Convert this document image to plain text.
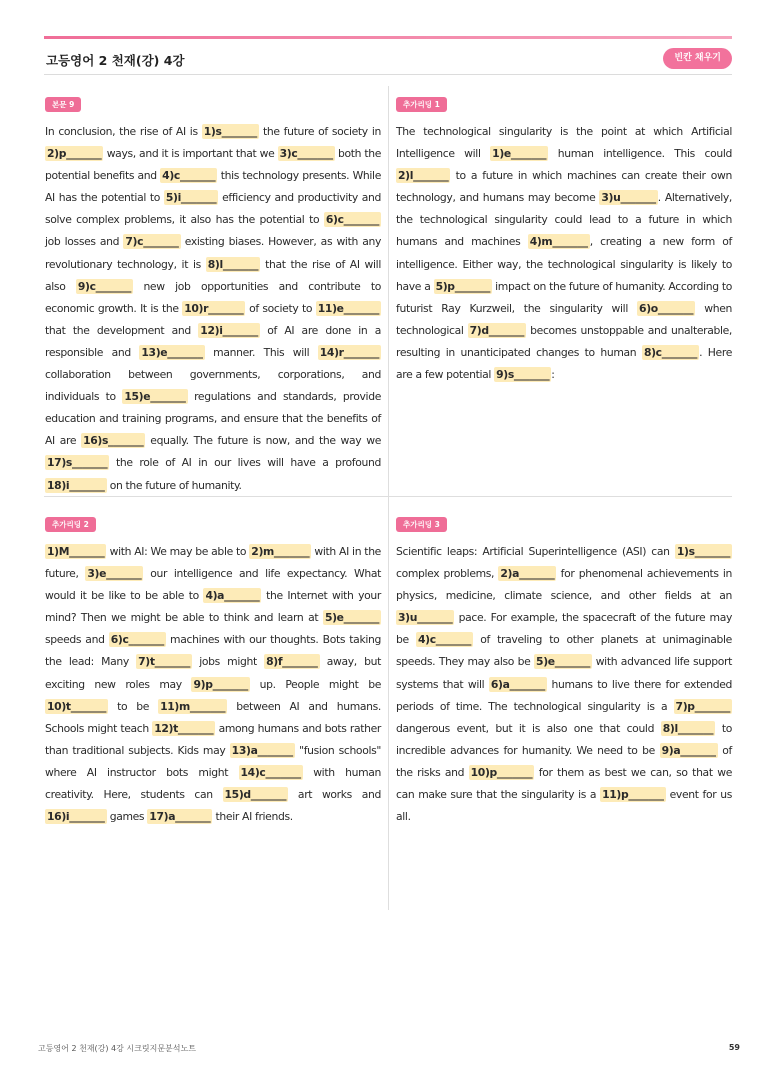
고등영어 2 천재(강) 4강	빈칸 채우기
본문 9
In conclusion, the rise of AI is 1)s_______ the future of society in 2)p_______ ways, and it is important that we 3)c_______ both the potential benefits and 4)c_______ this technology presents. While AI has the potential to 5)i_______ efficiency and productivity and solve complex problems, it also has the potential to 6)c_______ job losses and 7)c_______ existing biases. However, as with any revolutionary technology, it is 8)l_______ that the rise of AI will also 9)c_______ new job opportunities and contribute to economic growth. It is the 10)r_______ of society to 11)e_______ that the development and 12)i_______ of AI are done in a responsible and 13)e_______ manner. This will 14)r_______ collaboration between governments, corporations, and individuals to 15)e_______ regulations and standards, provide education and training programs, and ensure that the benefits of AI are 16)s_______ equally. The future is now, and the way we 17)s_______ the role of AI in our lives will have a profound 18)i_______ on the future of humanity.
추가리딩 1
The technological singularity is the point at which Artificial Intelligence will 1)e_______ human intelligence. This could 2)l_______ to a future in which machines can create their own technology, and humans may become 3)u_______ . Alternatively, the technological singularity could lead to a future in which humans and machines 4)m_______ , creating a new form of intelligence. Either way, the technological singularity is likely to have a 5)p_______ impact on the future of humanity. According to futurist Ray Kurzweil, the singularity will 6)o_______ when technological 7)d_______ becomes unstoppable and unalterable, resulting in unanticipated changes to human 8)c_______ . Here are a few potential 9)s_______ :
추가리딩 2
1)M_______ with AI: We may be able to 2)m_______ with AI in the future, 3)e_______ our intelligence and life expectancy. What would it be like to be able to 4)a_______ the Internet with your mind? Then we might be able to think and learn at 5)e_______ speeds and 6)c_______ machines with our thoughts. Bots taking the lead: Many 7)t_______ jobs might 8)f_______ away, but exciting new roles may 9)p_______ up. People might be 10)t_______ to be 11)m_______ between AI and humans. Schools might teach 12)t_______ among humans and bots rather than traditional subjects. Kids may 13)a_______ "fusion schools" where AI instructor bots might 14)c_______ with human creativity. Here, students can 15)d_______ art works and 16)i_______ games 17)a_______ their AI friends.
추가리딩 3
Scientific leaps: Artificial Superintelligence (ASI) can 1)s_______ complex problems, 2)a_______ for phenomenal achievements in physics, medicine, climate science, and other fields at an 3)u_______ pace. For example, the spacecraft of the future may be 4)c_______ of traveling to other planets at unimaginable speeds. They may also be 5)e_______ with advanced life support systems that will 6)a_______ humans to live there for extended periods of time. The technological singularity is a 7)p_______ dangerous event, but it is also one that could 8)l_______ to incredible advances for humanity. We need to be 9)a_______ of the risks and 10)p_______ for them as best we can, so that we can make sure that the singularity is a 11)p_______ event for us all.
고등영어 2 천재(강) 4강 시크릿지문분석노트	59
